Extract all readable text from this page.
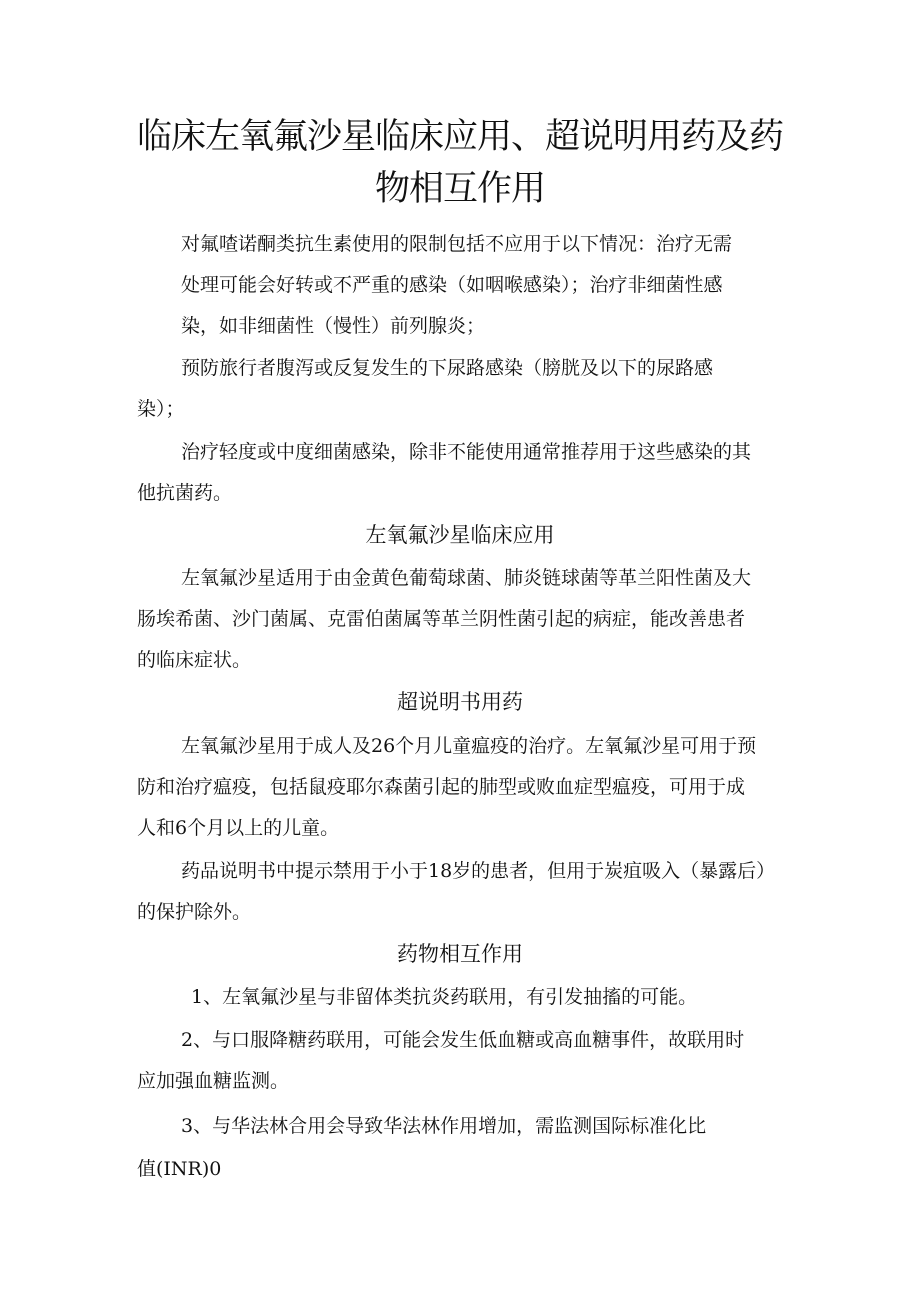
临床左氧氟沙星临床应用、超说明用药及药
物相互作用

对氟喳诺酮类抗生素使用的限制包括不应用于以下情况：治疗无需

处理可能会好转或不严重的感染（如咽喉感染）；治疗非细菌性感

染，如非细菌性（慢性）前列腺炎；

预防旅行者腹泻或反复发生的下尿路感染（膀胱及以下的尿路感

染）；

治疗轻度或中度细菌感染，除非不能使用通常推荐用于这些感染的其

他抗菌药。

左氧氟沙星临床应用

左氧氟沙星适用于由金黄色葡萄球菌、肺炎链球菌等革兰阳性菌及大

肠埃希菌、沙门菌属、克雷伯菌属等革兰阴性菌引起的病症，能改善患者

的临床症状。

超说明书用药

左氧氟沙星用于成人及26个月儿童瘟疫的治疗。左氧氟沙星可用于预

防和治疗瘟疫，包括鼠疫耶尔森菌引起的肺型或败血症型瘟疫，可用于成

人和6个月以上的儿童。

药品说明书中提示禁用于小于18岁的患者，但用于炭疽吸入（暴露后）

的保护除外。

药物相互作用

1、左氧氟沙星与非留体类抗炎药联用，有引发抽搐的可能。

2、与口服降糖药联用，可能会发生低血糖或高血糖事件，故联用时

应加强血糖监测。

3、与华法林合用会导致华法林作用增加，需监测国际标准化比

值(INR)0
